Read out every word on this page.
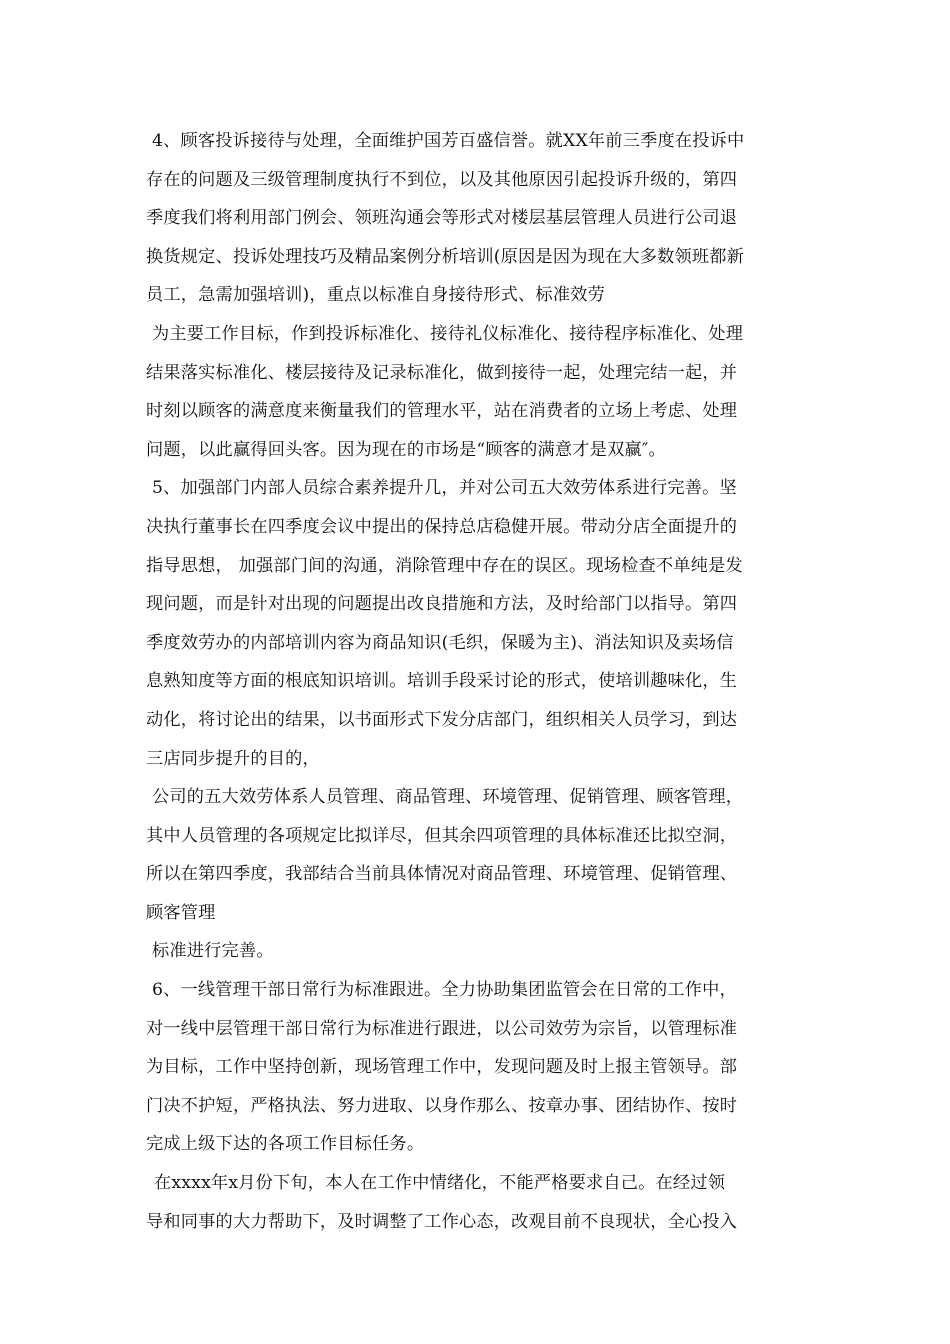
4、顾客投诉接待与处理，全面维护国芳百盛信誉。就XX年前三季度在投诉中
存在的问题及三级管理制度执行不到位，以及其他原因引起投诉升级的，第四
季度我们将利用部门例会、领班沟通会等形式对楼层基层管理人员进行公司退
换货规定、投诉处理技巧及精品案例分析培训(原因是因为现在大多数领班都新
员工，急需加强培训)，重点以标准自身接待形式、标准效劳
为主要工作目标，作到投诉标准化、接待礼仪标准化、接待程序标准化、处理
结果落实标准化、楼层接待及记录标准化，做到接待一起，处理完结一起，并
时刻以顾客的满意度来衡量我们的管理水平，站在消费者的立场上考虑、处理
问题，以此赢得回头客。因为现在的市场是“顾客的满意才是双赢″。
5、加强部门内部人员综合素养提升几，并对公司五大效劳体系进行完善。坚
决执行董事长在四季度会议中提出的保持总店稳健开展。带动分店全面提升的
指导思想， 加强部门间的沟通，消除管理中存在的误区。现场检查不单纯是发
现问题，而是针对出现的问题提出改良措施和方法，及时给部门以指导。第四
季度效劳办的内部培训内容为商品知识(毛织，保暖为主)、消法知识及卖场信
息熟知度等方面的根底知识培训。培训手段采讨论的形式，使培训趣味化，生
动化，将讨论出的结果，以书面形式下发分店部门，组织相关人员学习，到达
三店同步提升的目的，
公司的五大效劳体系人员管理、商品管理、环境管理、促销管理、顾客管理，
其中人员管理的各项规定比拟详尽，但其余四项管理的具体标准还比拟空洞，
所以在第四季度，我部结合当前具体情况对商品管理、环境管理、促销管理、
顾客管理
标准进行完善。
6、一线管理干部日常行为标准跟进。全力协助集团监管会在日常的工作中，
对一线中层管理干部日常行为标准进行跟进，以公司效劳为宗旨，以管理标准
为目标，工作中坚持创新，现场管理工作中，发现问题及时上报主管领导。部
门决不护短，严格执法、努力进取、以身作那么、按章办事、团结协作、按时
完成上级下达的各项工作目标任务。
在xxxx年x月份下旬，本人在工作中情绪化，不能严格要求自己。在经过领
导和同事的大力帮助下，及时调整了工作心态，改观目前不良现状，全心投入
